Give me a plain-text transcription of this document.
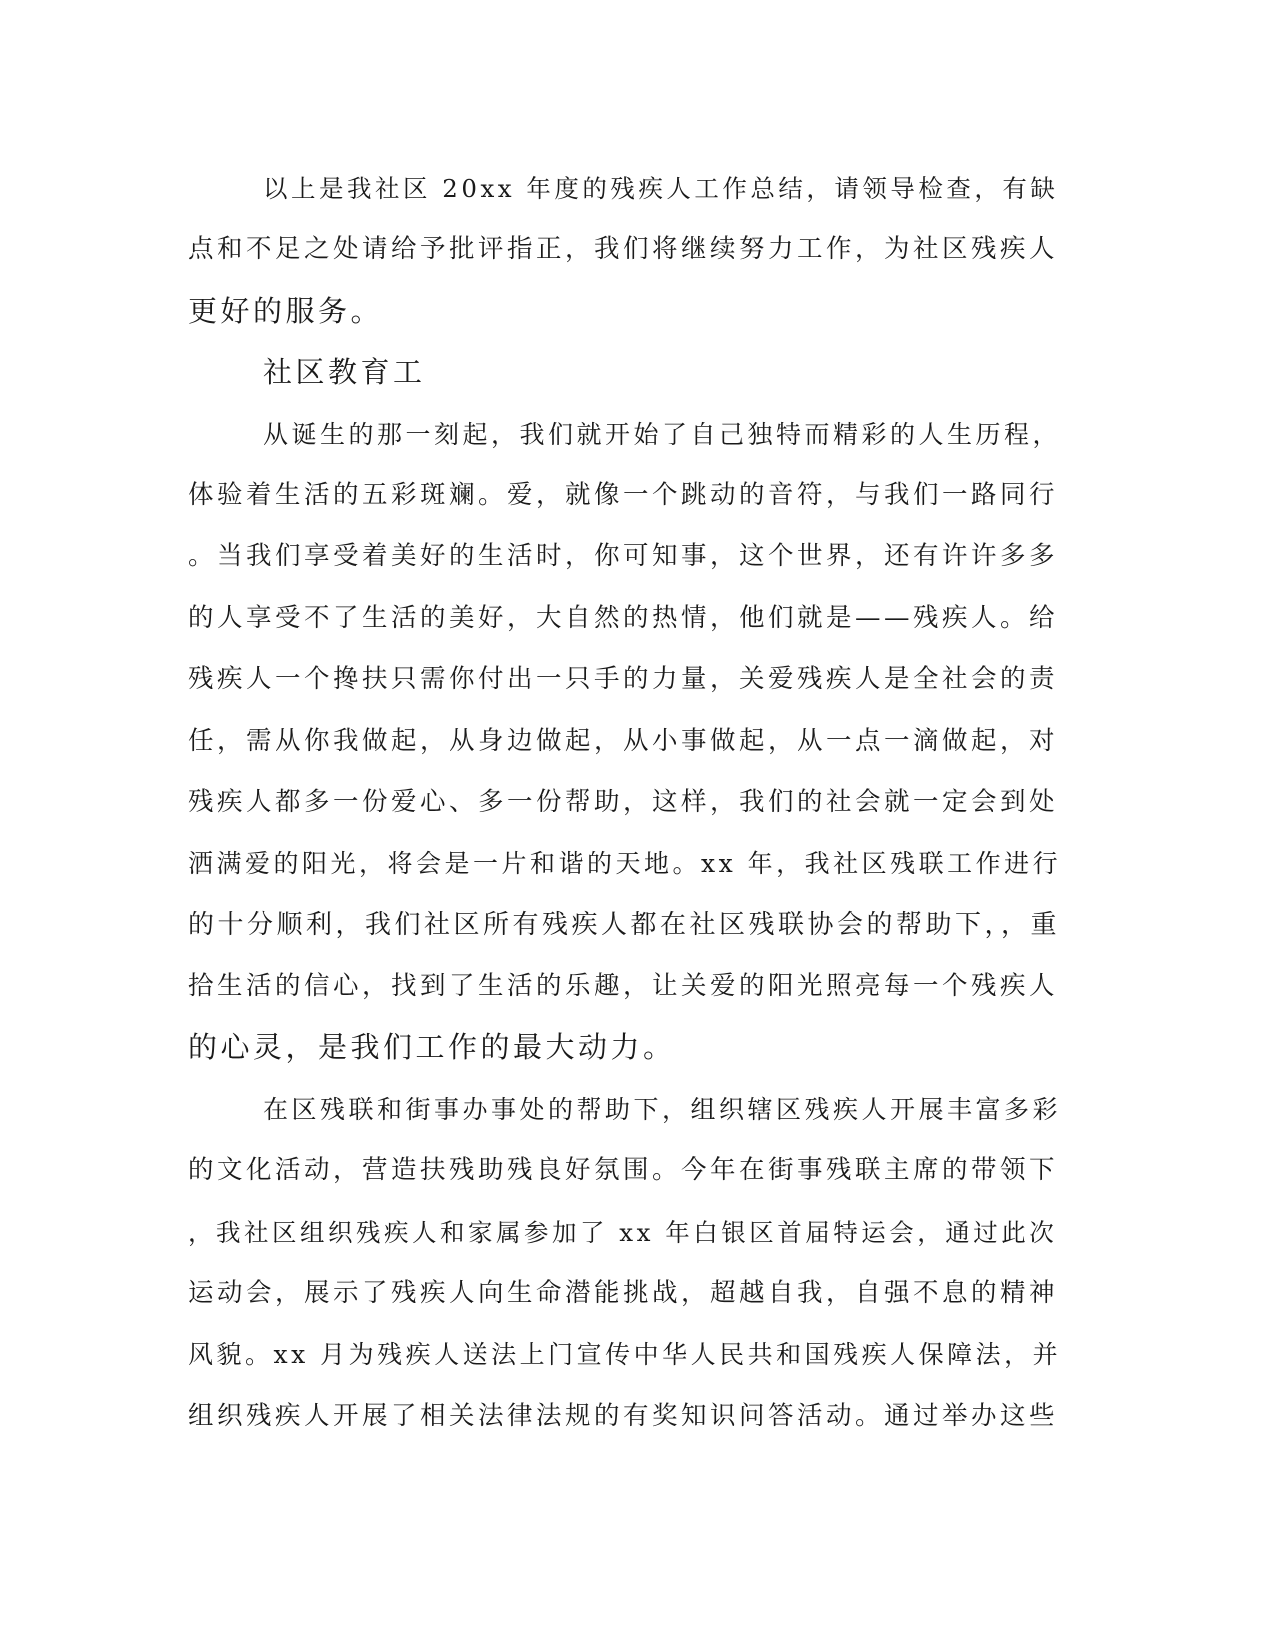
以上是我社区 20xx 年度的残疾人工作总结，请领导检查，有缺
点和不足之处请给予批评指正，我们将继续努力工作，为社区残疾人
更好的服务。
社区教育工
从诞生的那一刻起，我们就开始了自己独特而精彩的人生历程，
体验着生活的五彩斑斓。爱，就像一个跳动的音符，与我们一路同行
。当我们享受着美好的生活时，你可知事，这个世界，还有许许多多
的人享受不了生活的美好，大自然的热情，他们就是——残疾人。给
残疾人一个搀扶只需你付出一只手的力量，关爱残疾人是全社会的责
任，需从你我做起，从身边做起，从小事做起，从一点一滴做起，对
残疾人都多一份爱心、多一份帮助，这样，我们的社会就一定会到处
洒满爱的阳光，将会是一片和谐的天地。xx 年，我社区残联工作进行
的十分顺利，我们社区所有残疾人都在社区残联协会的帮助下，，重
拾生活的信心，找到了生活的乐趣，让关爱的阳光照亮每一个残疾人
的心灵，是我们工作的最大动力。
在区残联和街事办事处的帮助下，组织辖区残疾人开展丰富多彩
的文化活动，营造扶残助残良好氛围。今年在街事残联主席的带领下
，我社区组织残疾人和家属参加了 xx 年白银区首届特运会，通过此次
运动会，展示了残疾人向生命潜能挑战，超越自我，自强不息的精神
风貌。xx 月为残疾人送法上门宣传中华人民共和国残疾人保障法，并
组织残疾人开展了相关法律法规的有奖知识问答活动。通过举办这些
